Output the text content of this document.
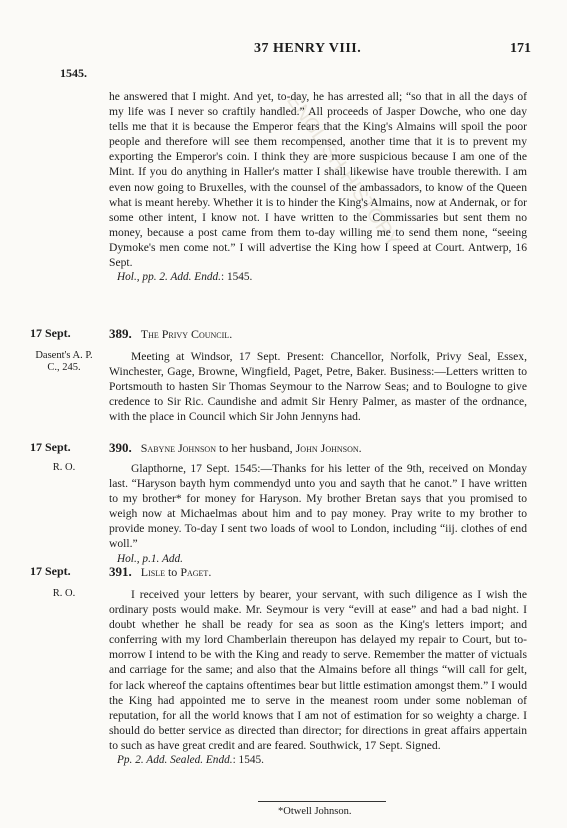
ENGLISH HISTORY
37 HENRY VIII.	171
1545.

he answered that I might. And yet, to-day, he has arrested all; “so that in all the days of my life was I never so craftily handled.” All proceeds of Jasper Dowche, who one day tells me that it is because the Emperor fears that the King's Almains will spoil the poor people and therefore will see them recompensed, another time that it is to prevent my exporting the Emperor's coin. I think they are more suspicious because I am one of the Mint. If you do anything in Haller's matter I shall likewise have trouble therewith. I am even now going to Bruxelles, with the counsel of the ambassadors, to know of the Queen what is meant hereby. Whether it is to hinder the King's Almains, now at Andernak, or for some other intent, I know not. I have written to the Commissaries but sent them no money, because a post came from them to-day willing me to send them none, “seeing Dymoke's men come not.” I will advertise the King how I speed at Court. Antwerp, 16 Sept.

Hol., pp. 2. Add. Endd.: 1545.

17 Sept.
Dasent's A. P. C., 245.
389. The Privy Council.

Meeting at Windsor, 17 Sept. Present: Chancellor, Norfolk, Privy Seal, Essex, Winchester, Gage, Browne, Wingfield, Paget, Petre, Baker. Business:—Letters written to Portsmouth to hasten Sir Thomas Seymour to the Narrow Seas; and to Boulogne to give credence to Sir Ric. Caundishe and admit Sir Henry Palmer, as master of the ordnance, with the place in Council which Sir John Jennyns had.

17 Sept.
R. O.
390. Sabyne Johnson to her husband, John Johnson.

Glapthorne, 17 Sept. 1545:—Thanks for his letter of the 9th, received on Monday last. “Haryson bayth hym commendyd unto you and sayth that he canot.” I have written to my brother* for money for Haryson. My brother Bretan says that you promised to weigh now at Michaelmas about him and to pay money. Pray write to my brother to provide money. To-day I sent two loads of wool to London, including “iij. clothes of end woll.”

Hol., p.1. Add.

17 Sept.
R. O.
391. Lisle to Paget.

I received your letters by bearer, your servant, with such diligence as I wish the ordinary posts would make. Mr. Seymour is very “evill at ease” and had a bad night. I doubt whether he shall be ready for sea as soon as the King's letters import; and conferring with my lord Chamberlain thereupon has delayed my repair to Court, but to-morrow I intend to be with the King and ready to serve. Remember the matter of victuals and carriage for the same; and also that the Almains before all things “will call for gelt, for lack whereof the captains oftentimes bear but little estimation amongst them.” I would the King had appointed me to serve in the meanest room under some nobleman of reputation, for all the world knows that I am not of estimation for so weighty a charge. I should do better service as directed than director; for directions in great affairs appertain to such as have great credit and are feared. Southwick, 17 Sept. Signed.

Pp. 2. Add. Sealed. Endd.: 1545.

*Otwell Johnson.
